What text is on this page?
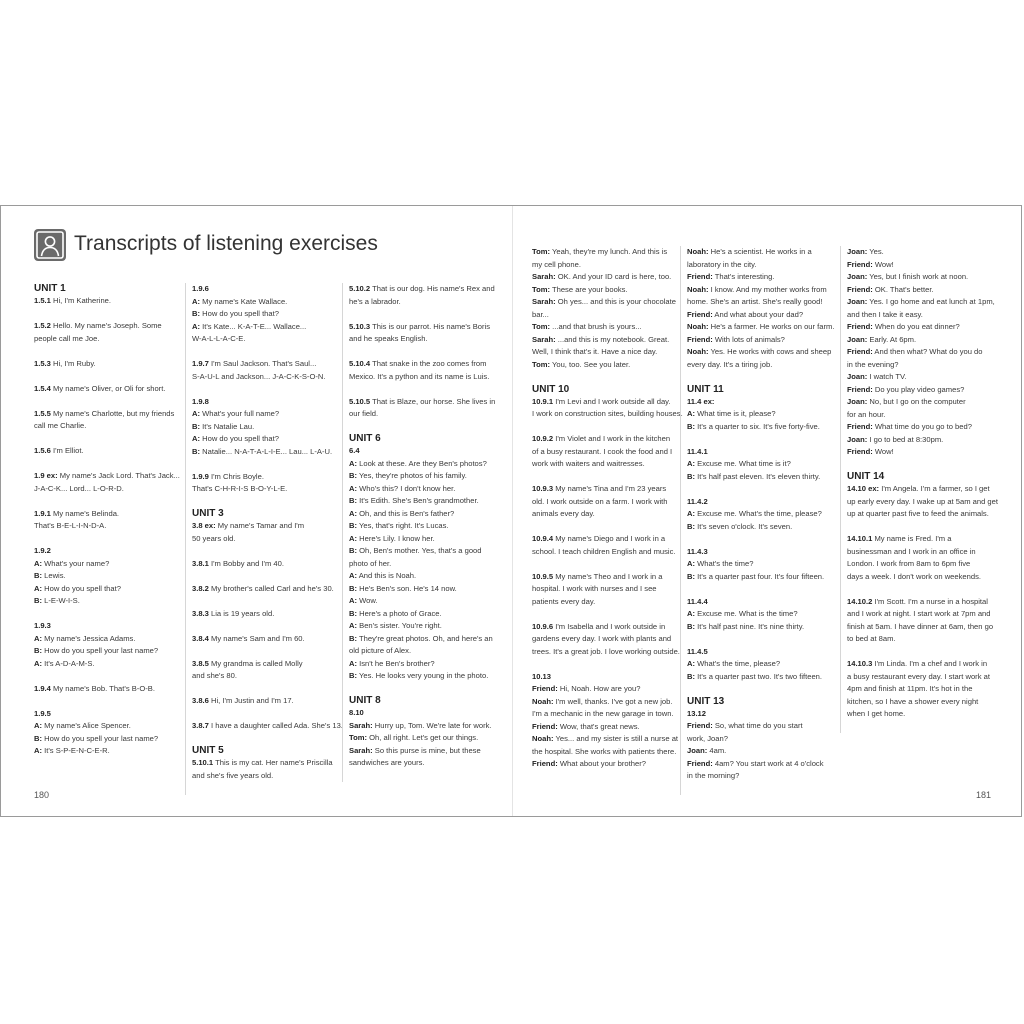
Transcripts of listening exercises
UNIT 1
1.5.1 Hi, I'm Katherine.
1.5.2 Hello. My name's Joseph. Some
people call me Joe.
1.5.3 Hi, I'm Ruby.
1.5.4 My name's Oliver, or Oli for short.
1.5.5 My name's Charlotte, but my friends
call me Charlie.
1.5.6 I'm Elliot.
1.9 ex: My name's Jack Lord. That's Jack...
J-A-C-K... Lord... L-O-R-D.
1.9.1 My name's Belinda.
That's B-E-L-I-N-D-A.
1.9.2
A: What's your name?
B: Lewis.
A: How do you spell that?
B: L-E-W-I-S.
1.9.3
A: My name's Jessica Adams.
B: How do you spell your last name?
A: It's A-D-A-M-S.
1.9.4 My name's Bob. That's B-O-B.
1.9.5
A: My name's Alice Spencer.
B: How do you spell your last name?
A: It's S-P-E-N-C-E-R.
1.9.6
A: My name's Kate Wallace.
B: How do you spell that?
A: It's Kate... K-A-T-E... Wallace...
W-A-L-L-A-C-E.
1.9.7 I'm Saul Jackson. That's Saul...
S-A-U-L and Jackson... J-A-C-K-S-O-N.
1.9.8
A: What's your full name?
B: It's Natalie Lau.
A: How do you spell that?
B: Natalie... N-A-T-A-L-I-E... Lau... L-A-U.
1.9.9 I'm Chris Boyle.
That's C-H-R-I-S B-O-Y-L-E.
UNIT 3
3.8 ex: My name's Tamar and I'm
50 years old.
3.8.1 I'm Bobby and I'm 40.
3.8.2 My brother's called Carl and he's 30.
3.8.3 Lia is 19 years old.
3.8.4 My name's Sam and I'm 60.
3.8.5 My grandma is called Molly
and she's 80.
3.8.6 Hi, I'm Justin and I'm 17.
3.8.7 I have a daughter called Ada. She's 13.
UNIT 5
5.10.1 This is my cat. Her name's Priscilla
and she's five years old.
5.10.2 That is our dog. His name's Rex and
he's a labrador.
5.10.3 This is our parrot. His name's Boris
and he speaks English.
5.10.4 That snake in the zoo comes from
Mexico. It's a python and its name is Luis.
5.10.5 That is Blaze, our horse. She lives in
our field.
UNIT 6
6.4
A: Look at these. Are they Ben's photos?
B: Yes, they're photos of his family.
A: Who's this? I don't know her.
B: It's Edith. She's Ben's grandmother.
A: Oh, and this is Ben's father?
B: Yes, that's right. It's Lucas.
A: Here's Lily. I know her.
B: Oh, Ben's mother. Yes, that's a good
photo of her.
A: And this is Noah.
B: He's Ben's son. He's 14 now.
A: Wow.
B: Here's a photo of Grace.
A: Ben's sister. You're right.
B: They're great photos. Oh, and here's an
old picture of Alex.
A: Isn't he Ben's brother?
B: Yes. He looks very young in the photo.
UNIT 8
8.10
Sarah: Hurry up, Tom. We're late for work.
Tom: Oh, all right. Let's get our things.
Sarah: So this purse is mine, but these
sandwiches are yours.
Tom: Yeah, they're my lunch. And this is
my cell phone.
Sarah: OK. And your ID card is here, too.
Tom: These are your books.
Sarah: Oh yes... and this is your chocolate
bar...
Tom: ...and that brush is yours...
Sarah: ...and this is my notebook. Great.
Well, I think that's it. Have a nice day.
Tom: You, too. See you later.
UNIT 10
10.9.1 I'm Levi and I work outside all day.
I work on construction sites, building houses.
10.9.2 I'm Violet and I work in the kitchen
of a busy restaurant. I cook the food and I
work with waiters and waitresses.
10.9.3 My name's Tina and I'm 23 years
old. I work outside on a farm. I work with
animals every day.
10.9.4 My name's Diego and I work in a
school. I teach children English and music.
10.9.5 My name's Theo and I work in a
hospital. I work with nurses and I see
patients every day.
10.9.6 I'm Isabella and I work outside in
gardens every day. I work with plants and
trees. It's a great job. I love working outside.
10.13
Friend: Hi, Noah. How are you?
Noah: I'm well, thanks. I've got a new job.
I'm a mechanic in the new garage in town.
Friend: Wow, that's great news.
Noah: Yes... and my sister is still a nurse at
the hospital. She works with patients there.
Friend: What about your brother?
Noah: He's a scientist. He works in a
laboratory in the city.
Friend: That's interesting.
Noah: I know. And my mother works from
home. She's an artist. She's really good!
Friend: And what about your dad?
Noah: He's a farmer. He works on our farm.
Friend: With lots of animals?
Noah: Yes. He works with cows and sheep
every day. It's a tiring job.
UNIT 11
11.4 ex:
A: What time is it, please?
B: It's a quarter to six. It's five forty-five.
11.4.1
A: Excuse me. What time is it?
B: It's half past eleven. It's eleven thirty.
11.4.2
A: Excuse me. What's the time, please?
B: It's seven o'clock. It's seven.
11.4.3
A: What's the time?
B: It's a quarter past four. It's four fifteen.
11.4.4
A: Excuse me. What is the time?
B: It's half past nine. It's nine thirty.
11.4.5
A: What's the time, please?
B: It's a quarter past two. It's two fifteen.
UNIT 13
13.12
Friend: So, what time do you start
work, Joan?
Joan: 4am.
Friend: 4am? You start work at 4 o'clock
in the morning?
Joan: Yes.
Friend: Wow!
Joan: Yes, but I finish work at noon.
Friend: OK. That's better.
Joan: Yes. I go home and eat lunch at 1pm,
and then I take it easy.
Friend: When do you eat dinner?
Joan: Early. At 6pm.
Friend: And then what? What do you do
in the evening?
Joan: I watch TV.
Friend: Do you play video games?
Joan: No, but I go on the computer
for an hour.
Friend: What time do you go to bed?
Joan: I go to bed at 8:30pm.
Friend: Wow!
UNIT 14
14.10 ex: I'm Angela. I'm a farmer, so I get
up early every day. I wake up at 5am and get
up at quarter past five to feed the animals.
14.10.1 My name is Fred. I'm a
businessman and I work in an office in
London. I work from 8am to 6pm five
days a week. I don't work on weekends.
14.10.2 I'm Scott. I'm a nurse in a hospital
and I work at night. I start work at 7pm and
finish at 5am. I have dinner at 6am, then go
to bed at 8am.
14.10.3 I'm Linda. I'm a chef and I work in
a busy restaurant every day. I start work at
4pm and finish at 11pm. It's hot in the
kitchen, so I have a shower every night
when I get home.
180	181
